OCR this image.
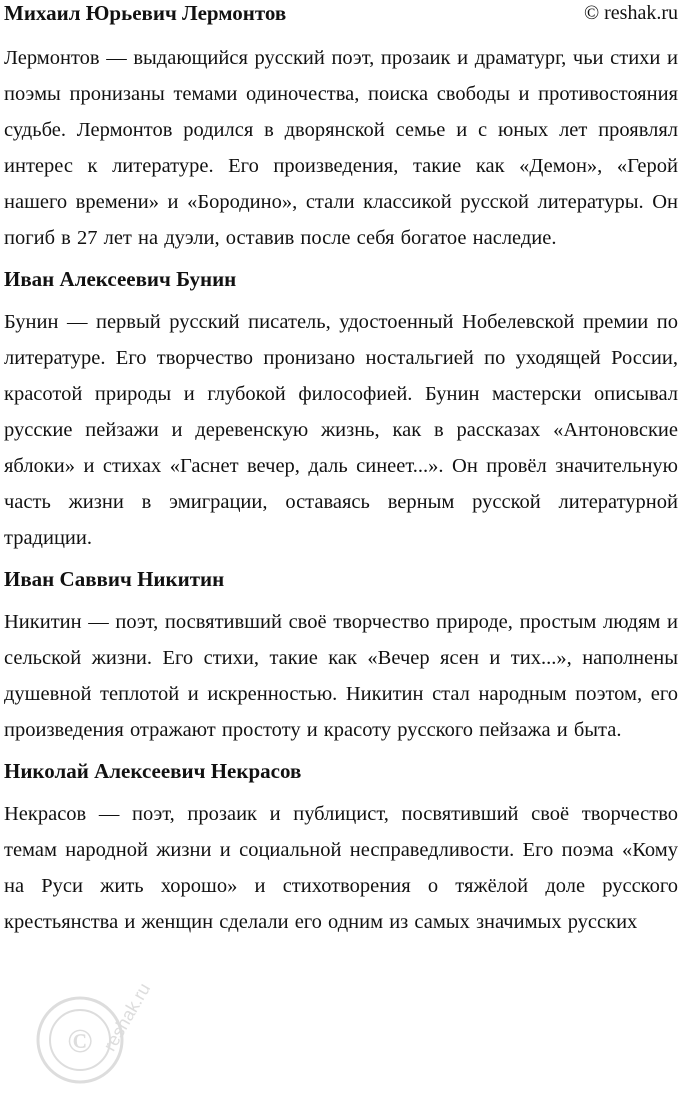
Михаил Юрьевич Лермонтов	© reshak.ru

Лермонтов — выдающийся русский поэт, прозаик и драматург, чьи стихи и поэмы пронизаны темами одиночества, поиска свободы и противостояния судьбе. Лермонтов родился в дворянской семье и с юных лет проявлял интерес к литературе. Его произведения, такие как «Демон», «Герой нашего времени» и «Бородино», стали классикой русской литературы. Он погиб в 27 лет на дуэли, оставив после себя богатое наследие.

Иван Алексеевич Бунин

Бунин — первый русский писатель, удостоенный Нобелевской премии по литературе. Его творчество пронизано ностальгией по уходящей России, красотой природы и глубокой философией. Бунин мастерски описывал русские пейзажи и деревенскую жизнь, как в рассказах «Антоновские яблоки» и стихах «Гаснет вечер, даль синеет...». Он провёл значительную часть жизни в эмиграции, оставаясь верным русской литературной традиции.

Иван Саввич Никитин

Никитин — поэт, посвятивший своё творчество природе, простым людям и сельской жизни. Его стихи, такие как «Вечер ясен и тих...», наполнены душевной теплотой и искренностью. Никитин стал народным поэтом, его произведения отражают простоту и красоту русского пейзажа и быта.

Николай Алексеевич Некрасов

Некрасов — поэт, прозаик и публицист, посвятивший своё творчество темам народной жизни и социальной несправедливости. Его поэма «Кому на Руси жить хорошо» и стихотворения о тяжёлой доле русского крестьянства и женщин сделали его одним из самых значимых русских

© reshak.ru
